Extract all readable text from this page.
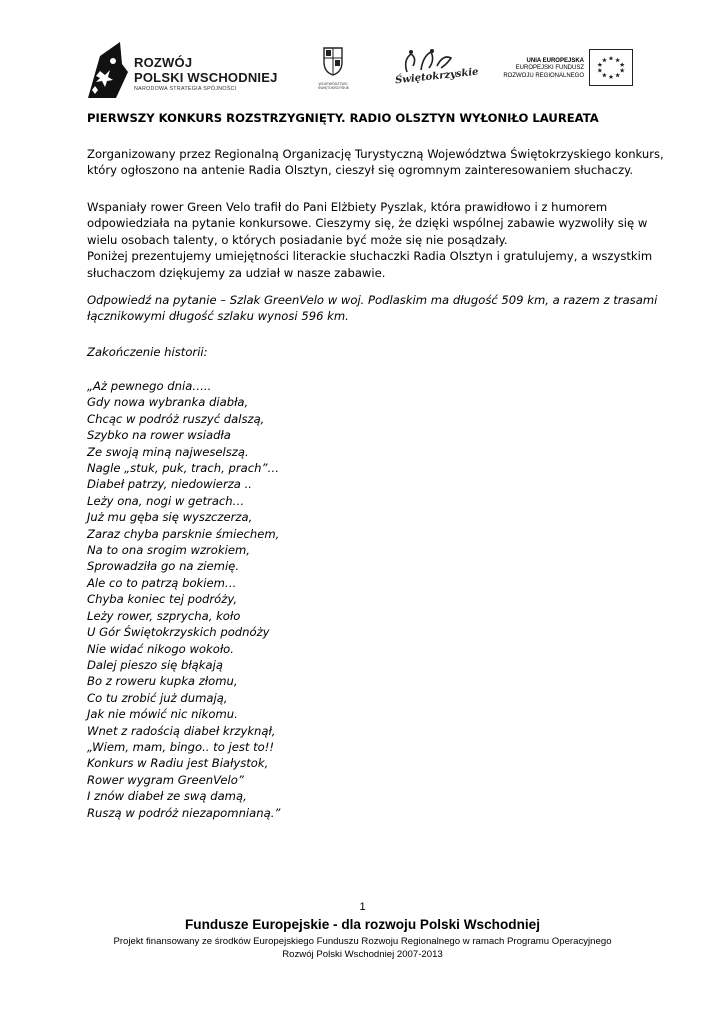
ROZWÓJ
POLSKI WSCHODNIEJ
NARODOWA STRATEGIA SPÓJNOŚCI
WOJEWÓDZTWO ŚWIĘTOKRZYSKIE
Świętokrzyskie
UNIA EUROPEJSKA
EUROPEJSKI FUNDUSZ
ROZWOJU REGIONALNEGO

PIERWSZY KONKURS ROZSTRZYGNIĘTY. RADIO OLSZTYN WYŁONIŁO LAUREATA

Zorganizowany przez Regionalną Organizację Turystyczną Województwa Świętokrzyskiego konkurs,
który ogłoszono na antenie Radia Olsztyn, cieszył się ogromnym zainteresowaniem słuchaczy.

Wspaniały rower Green Velo trafił do Pani Elżbiety Pyszlak, która prawidłowo i z humorem
odpowiedziała na pytanie konkursowe. Cieszymy się, że dzięki wspólnej zabawie wyzwoliły się w
wielu osobach talenty, o których posiadanie być może się nie posądzały.
Poniżej prezentujemy umiejętności literackie słuchaczki Radia Olsztyn i gratulujemy, a wszystkim
słuchaczom dziękujemy za udział w nasze zabawie.

Odpowiedź na pytanie – Szlak GreenVelo w woj. Podlaskim ma długość 509 km, a razem z trasami
łącznikowymi długość szlaku wynosi 596 km.

Zakończenie historii:

„Aż pewnego dnia…..
Gdy nowa wybranka diabła,
Chcąc w podróż ruszyć dalszą,
Szybko na rower wsiadła
Ze swoją miną najweselszą.
Nagle „stuk, puk, trach, prach”…
Diabeł patrzy, niedowierza ..
Leży ona, nogi w getrach…
Już mu gęba się wyszczerza,
Zaraz chyba parsknie śmiechem,
Na to ona srogim wzrokiem,
Sprowadziła go na ziemię.
Ale co to patrzą bokiem…
Chyba koniec tej podróży,
Leży rower, szprycha, koło
U Gór Świętokrzyskich podnóży
Nie widać nikogo wokoło.
Dalej pieszo się błąkają
Bo z roweru kupka złomu,
Co tu zrobić już dumają,
Jak nie mówić nic nikomu.
Wnet z radością diabeł krzyknął,
„Wiem, mam, bingo.. to jest to!!
Konkurs w Radiu jest Białystok,
Rower wygram GreenVelo”
I znów diabeł ze swą damą,
Ruszą w podróż niezapomnianą.”
1
Fundusze Europejskie - dla rozwoju Polski Wschodniej
Projekt finansowany ze środków Europejskiego Funduszu Rozwoju Regionalnego w ramach Programu Operacyjnego
Rozwój Polski Wschodniej 2007-2013
